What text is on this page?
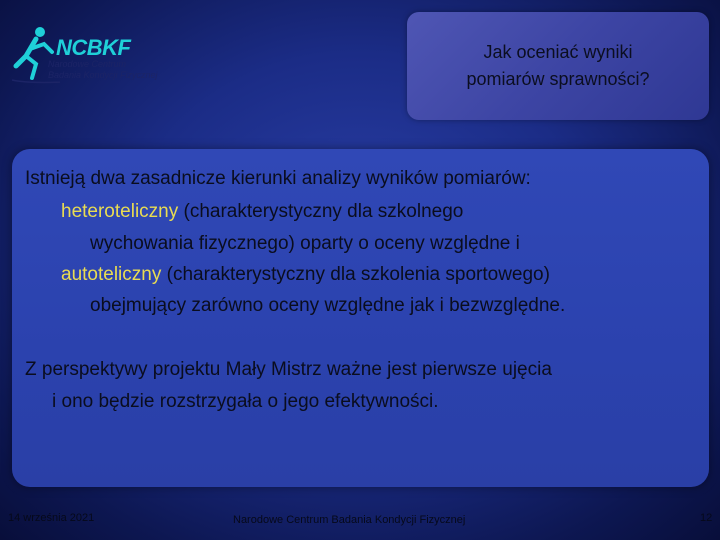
NCBKF
Narodowe Centrum
Badania Kondycji Fizycznej
Jak oceniać wyniki
pomiarów sprawności?
Istnieją dwa zasadnicze kierunki analizy wyników pomiarów:
heteroteliczny (charakterystyczny dla szkolnego
wychowania fizycznego) oparty o oceny względne i
autoteliczny (charakterystyczny dla szkolenia sportowego)
obejmujący zarówno oceny względne jak i bezwzględne.
Z perspektywy projektu Mały Mistrz ważne jest pierwsze ujęcia
i ono będzie rozstrzygała o jego efektywności.
14 września 2021	Narodowe Centrum Badania Kondycji Fizycznej	12
